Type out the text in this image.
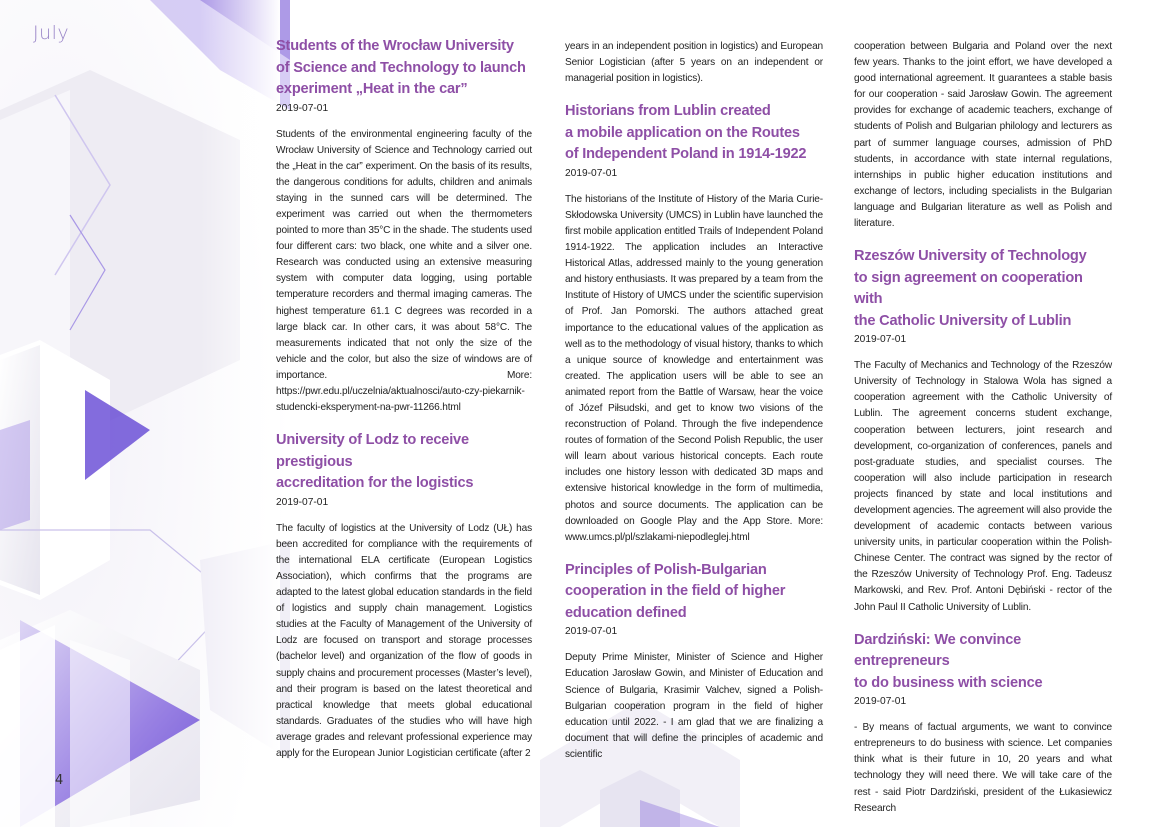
July
4
Students of the Wrocław University
of Science and Technology to launch
experiment „Heat in the car”
2019-07-01

Students of the environmental engineering faculty of the Wrocław University of Science and Technology carried out the „Heat in the car” experiment. On the basis of its results, the dangerous conditions for adults, children and animals staying in the sunned cars will be determined. The experiment was carried out when the thermometers pointed to more than 35°C in the shade. The students used four different cars: two black, one white and a silver one. Research was conducted using an extensive measuring system with computer data logging, using portable temperature recorders and thermal imaging cameras. The highest temperature 61.1 C degrees was recorded in a large black car. In other cars, it was about 58°C. The measurements indicated that not only the size of the vehicle and the color, but also the size of windows are of importance. More: https://pwr.edu.pl/uczelnia/aktualnosci/auto-czy-piekarnik-studencki-eksperyment-na-pwr-11266.html

University of Lodz to receive prestigious
accreditation for the logistics
2019-07-01

The faculty of logistics at the University of Lodz (UŁ) has been accredited for compliance with the requirements of the international ELA certificate (European Logistics Association), which confirms that the programs are adapted to the latest global education standards in the field of logistics and supply chain management. Logistics studies at the Faculty of Management of the University of Lodz are focused on transport and storage processes (bachelor level) and organization of the flow of goods in supply chains and procurement processes (Master’s level), and their program is based on the latest theoretical and practical knowledge that meets global educational standards. Graduates of the studies who will have high average grades and relevant professional experience may apply for the European Junior Logistician certificate (after 2

years in an independent position in logistics) and European Senior Logistician (after 5 years on an independent or managerial position in logistics).

Historians from Lublin created
a mobile application on the Routes
of Independent Poland in 1914-1922
2019-07-01

The historians of the Institute of History of the Maria Curie-Skłodowska University (UMCS) in Lublin have launched the first mobile application entitled Trails of Independent Poland 1914-1922. The application includes an Interactive Historical Atlas, addressed mainly to the young generation and history enthusiasts. It was prepared by a team from the Institute of History of UMCS under the scientific supervision of Prof. Jan Pomorski. The authors attached great importance to the educational values of the application as well as to the methodology of visual history, thanks to which a unique source of knowledge and entertainment was created. The application users will be able to see an animated report from the Battle of Warsaw, hear the voice of Józef Piłsudski, and get to know two visions of the reconstruction of Poland. Through the five independence routes of formation of the Second Polish Republic, the user will learn about various historical concepts. Each route includes one history lesson with dedicated 3D maps and extensive historical knowledge in the form of multimedia, photos and source documents. The application can be downloaded on Google Play and the App Store. More: www.umcs.pl/pl/szlakami-niepodleglej.html

Principles of Polish-Bulgarian
cooperation in the field of higher
education defined
2019-07-01

Deputy Prime Minister, Minister of Science and Higher Education Jarosław Gowin, and Minister of Education and Science of Bulgaria, Krasimir Valchev, signed a Polish-Bulgarian cooperation program in the field of higher education until 2022. - I am glad that we are finalizing a document that will define the principles of academic and scientific

cooperation between Bulgaria and Poland over the next few years. Thanks to the joint effort, we have developed a good international agreement. It guarantees a stable basis for our cooperation - said Jarosław Gowin. The agreement provides for exchange of academic teachers, exchange of students of Polish and Bulgarian philology and lecturers as part of summer language courses, admission of PhD students, in accordance with state internal regulations, internships in public higher education institutions and exchange of lectors, including specialists in the Bulgarian language and Bulgarian literature as well as Polish and literature.

Rzeszów University of Technology
to sign agreement on cooperation with
the Catholic University of Lublin
2019-07-01

The Faculty of Mechanics and Technology of the Rzeszów University of Technology in Stalowa Wola has signed a cooperation agreement with the Catholic University of Lublin. The agreement concerns student exchange, cooperation between lecturers, joint research and development, co-organization of conferences, panels and post-graduate studies, and specialist courses. The cooperation will also include participation in research projects financed by state and local institutions and development agencies. The agreement will also provide the development of academic contacts between various university units, in particular cooperation within the Polish-Chinese Center. The contract was signed by the rector of the Rzeszów University of Technology Prof. Eng. Tadeusz Markowski, and Rev. Prof. Antoni Dębiński - rector of the John Paul II Catholic University of Lublin.

Dardziński: We convince entrepreneurs
to do business with science
2019-07-01

- By means of factual arguments, we want to convince entrepreneurs to do business with science. Let companies think what is their future in 10, 20 years and what technology they will need there. We will take care of the rest - said Piotr Dardziński, president of the Łukasiewicz Research
